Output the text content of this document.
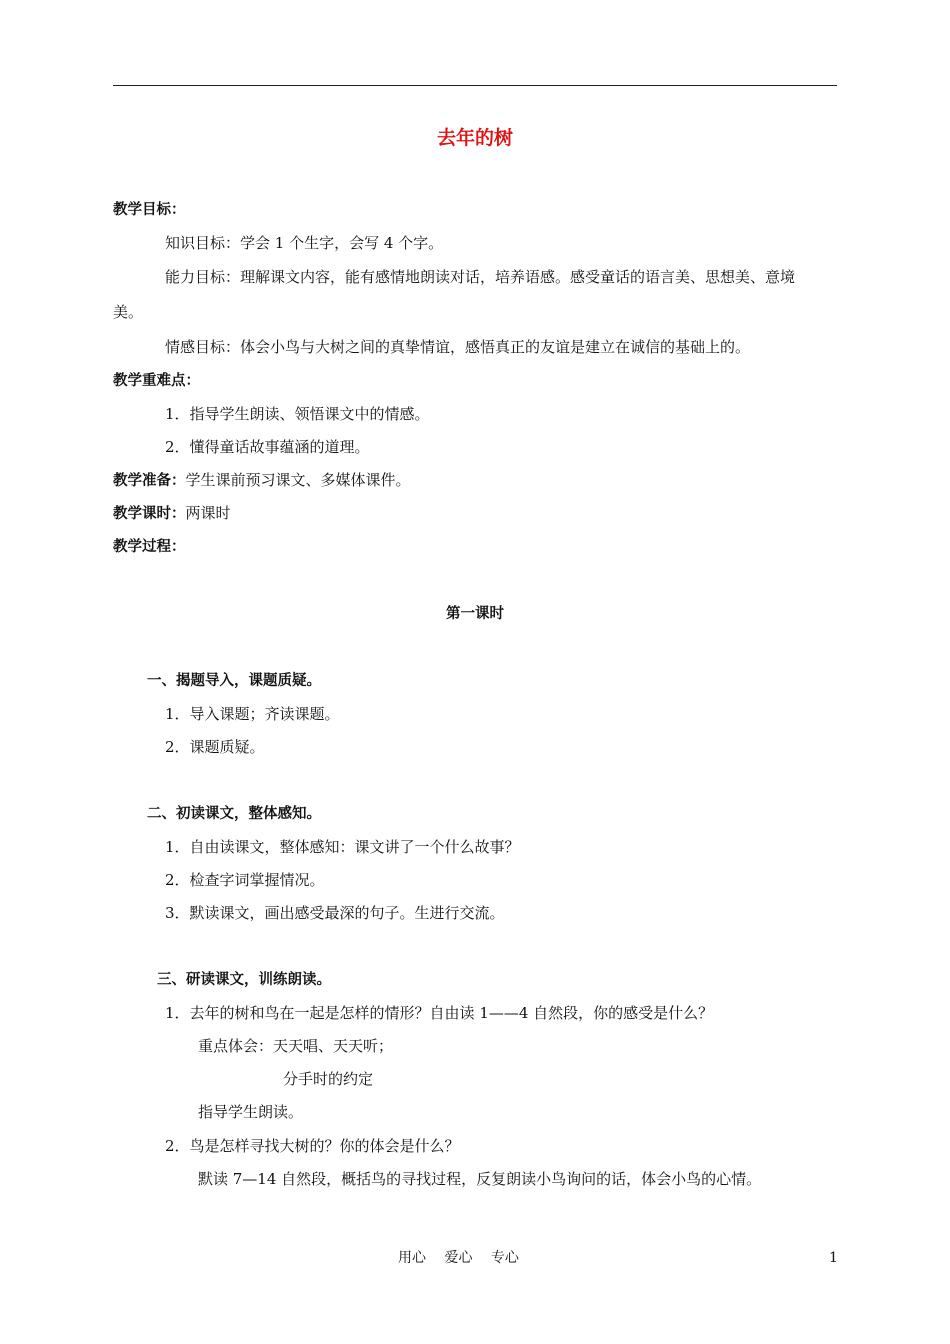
去年的树
教学目标：
知识目标：学会 1 个生字，会写 4 个字。
能力目标：理解课文内容，能有感情地朗读对话，培养语感。感受童话的语言美、思想美、意境
美。
情感目标：体会小鸟与大树之间的真挚情谊，感悟真正的友谊是建立在诚信的基础上的。
教学重难点：
1．指导学生朗读、领悟课文中的情感。
2．懂得童话故事蕴涵的道理。
教学准备：学生课前预习课文、多媒体课件。
教学课时：两课时
教学过程：
第一课时
一、揭题导入，课题质疑。
1．导入课题；齐读课题。
2．课题质疑。
二、初读课文，整体感知。
1．自由读课文，整体感知：课文讲了一个什么故事？
2．检查字词掌握情况。
3．默读课文，画出感受最深的句子。生进行交流。
三、研读课文，训练朗读。
1．去年的树和鸟在一起是怎样的情形？自由读 1——4 自然段，你的感受是什么？
重点体会：天天唱、天天听；
分手时的约定
指导学生朗读。
2．鸟是怎样寻找大树的？你的体会是什么？
默读 7—14 自然段，概括鸟的寻找过程，反复朗读小鸟询问的话，体会小鸟的心情。
用心　 爱心　 专心	1
